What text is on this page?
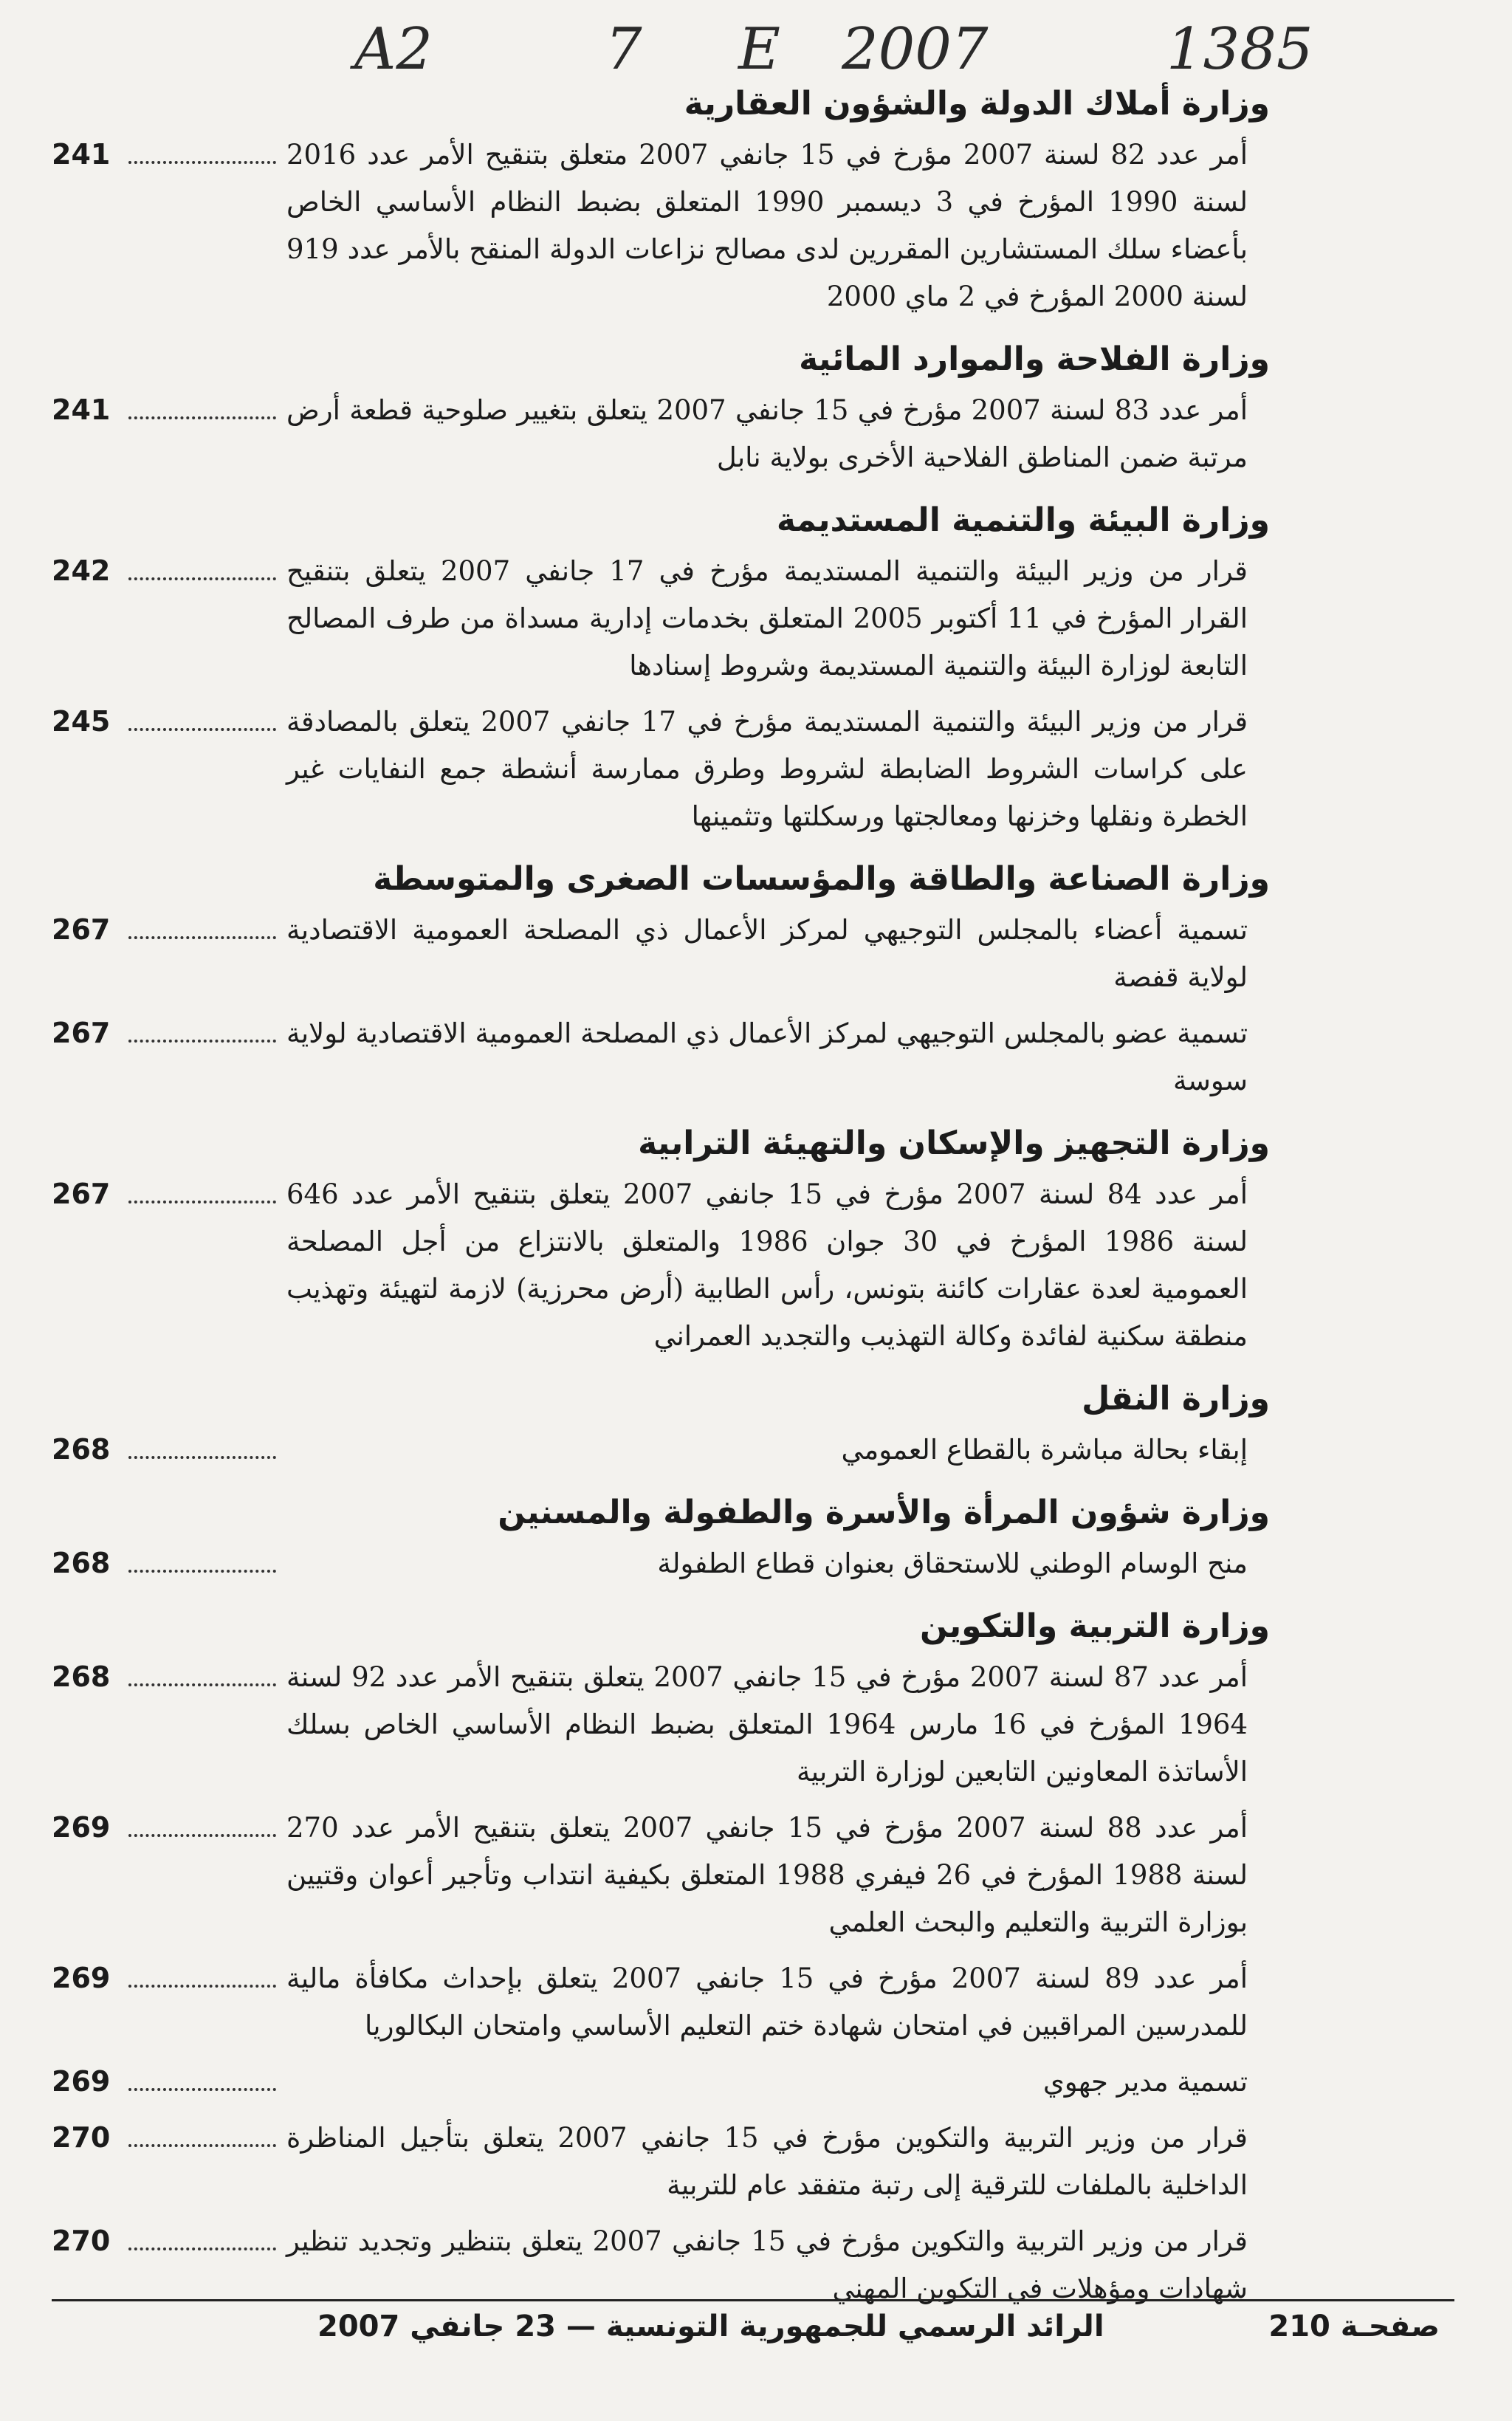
A2	7 E 2007	1385
وزارة أملاك الدولة والشؤون العقارية
أمر عدد 82 لسنة 2007 مؤرخ في 15 جانفي 2007 متعلق بتنقيح الأمر عدد 2016 لسنة 1990 المؤرخ في 3 ديسمبر 1990 المتعلق بضبط النظام الأساسي الخاص بأعضاء سلك المستشارين المقررين لدى مصالح نزاعات الدولة المنقح بالأمر عدد 919 لسنة 2000 المؤرخ في 2 ماي 2000
241
وزارة الفلاحة والموارد المائية
أمر عدد 83 لسنة 2007 مؤرخ في 15 جانفي 2007 يتعلق بتغيير صلوحية قطعة أرض مرتبة ضمن المناطق الفلاحية الأخرى بولاية نابل
241
وزارة البيئة والتنمية المستديمة
قرار من وزير البيئة والتنمية المستديمة مؤرخ في 17 جانفي 2007 يتعلق بتنقيح القرار المؤرخ في 11 أكتوبر 2005 المتعلق بخدمات إدارية مسداة من طرف المصالح التابعة لوزارة البيئة والتنمية المستديمة وشروط إسنادها
242
قرار من وزير البيئة والتنمية المستديمة مؤرخ في 17 جانفي 2007 يتعلق بالمصادقة على كراسات الشروط الضابطة لشروط وطرق ممارسة أنشطة جمع النفايات غير الخطرة ونقلها وخزنها ومعالجتها ورسكلتها وتثمينها
245
وزارة الصناعة والطاقة والمؤسسات الصغرى والمتوسطة
تسمية أعضاء بالمجلس التوجيهي لمركز الأعمال ذي المصلحة العمومية الاقتصادية لولاية قفصة
267
تسمية عضو بالمجلس التوجيهي لمركز الأعمال ذي المصلحة العمومية الاقتصادية لولاية سوسة
267
وزارة التجهيز والإسكان والتهيئة الترابية
أمر عدد 84 لسنة 2007 مؤرخ في 15 جانفي 2007 يتعلق بتنقيح الأمر عدد 646 لسنة 1986 المؤرخ في 30 جوان 1986 والمتعلق بالانتزاع من أجل المصلحة العمومية لعدة عقارات كائنة بتونس، رأس الطابية (أرض محرزية) لازمة لتهيئة وتهذيب منطقة سكنية لفائدة وكالة التهذيب والتجديد العمراني
267
وزارة النقل
إبقاء بحالة مباشرة بالقطاع العمومي
268
وزارة شؤون المرأة والأسرة والطفولة والمسنين
منح الوسام الوطني للاستحقاق بعنوان قطاع الطفولة
268
وزارة التربية والتكوين
أمر عدد 87 لسنة 2007 مؤرخ في 15 جانفي 2007 يتعلق بتنقيح الأمر عدد 92 لسنة 1964 المؤرخ في 16 مارس 1964 المتعلق بضبط النظام الأساسي الخاص بسلك الأساتذة المعاونين التابعين لوزارة التربية
268
أمر عدد 88 لسنة 2007 مؤرخ في 15 جانفي 2007 يتعلق بتنقيح الأمر عدد 270 لسنة 1988 المؤرخ في 26 فيفري 1988 المتعلق بكيفية انتداب وتأجير أعوان وقتيين بوزارة التربية والتعليم والبحث العلمي
269
أمر عدد 89 لسنة 2007 مؤرخ في 15 جانفي 2007 يتعلق بإحداث مكافأة مالية للمدرسين المراقبين في امتحان شهادة ختم التعليم الأساسي وامتحان البكالوريا
269
تسمية مدير جهوي
269
قرار من وزير التربية والتكوين مؤرخ في 15 جانفي 2007 يتعلق بتأجيل المناظرة الداخلية بالملفات للترقية إلى رتبة متفقد عام للتربية
270
قرار من وزير التربية والتكوين مؤرخ في 15 جانفي 2007 يتعلق بتنظير وتجديد تنظير شهادات ومؤهلات في التكوين المهني
270
صفحـة 210
الرائد الرسمي للجمهورية التونسية — 23 جانفي 2007
